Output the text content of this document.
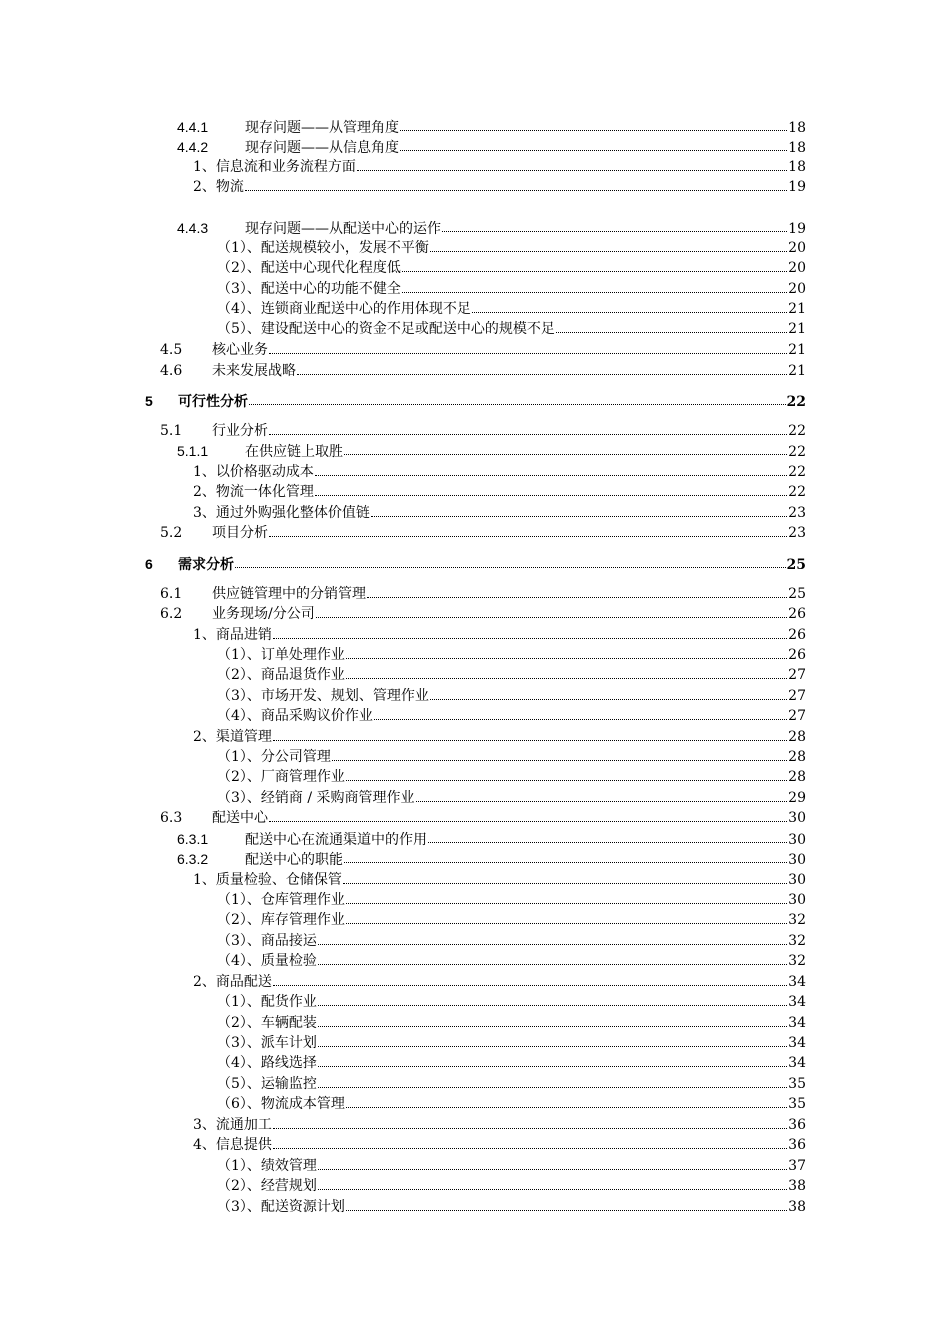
4.4.1	现存问题——从管理角度	18
4.4.2	现存问题——从信息角度	18
1、信息流和业务流程方面	18
2、物流	19
4.4.3	现存问题——从配送中心的运作	19
（1）、配送规模较小，发展不平衡	20
（2）、配送中心现代化程度低	20
（3）、配送中心的功能不健全	20
（4）、连锁商业配送中心的作用体现不足	21
（5）、建设配送中心的资金不足或配送中心的规模不足	21
4.5	核心业务	21
4.6	未来发展战略	21
5	可行性分析	22
5.1	行业分析	22
5.1.1	在供应链上取胜	22
1、以价格驱动成本	22
2、物流一体化管理	22
3、通过外购强化整体价值链	23
5.2	项目分析	23
6	需求分析	25
6.1	供应链管理中的分销管理	25
6.2	业务现场/分公司	26
1、商品进销	26
（1）、订单处理作业	26
（2）、商品退货作业	27
（3）、市场开发、规划、管理作业	27
（4）、商品采购议价作业	27
2、渠道管理	28
（1）、分公司管理	28
（2）、厂商管理作业	28
（3）、经销商 / 采购商管理作业	29
6.3	配送中心	30
6.3.1	配送中心在流通渠道中的作用	30
6.3.2	配送中心的职能	30
1、质量检验、仓储保管	30
（1）、仓库管理作业	30
（2）、库存管理作业	32
（3）、商品接运	32
（4）、质量检验	32
2、商品配送	34
（1）、配货作业	34
（2）、车辆配装	34
（3）、派车计划	34
（4）、路线选择	34
（5）、运输监控	35
（6）、物流成本管理	35
3、流通加工	36
4、信息提供	36
（1）、绩效管理	37
（2）、经营规划	38
（3）、配送资源计划	38
